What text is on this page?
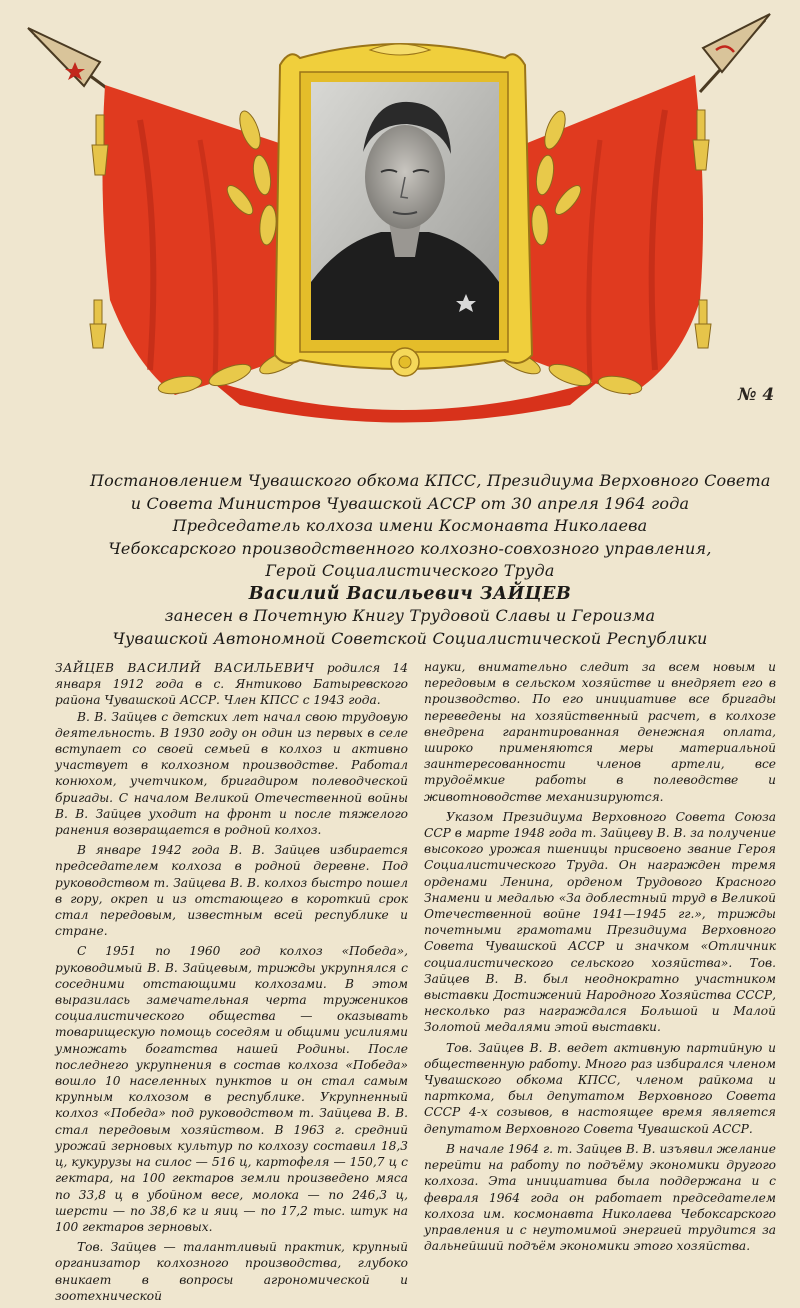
№ 4
Постановлением Чувашского обкома КПСС, Президиума Верховного Совета
и Совета Министров Чувашской АССР от 30 апреля 1964 года
Председатель колхоза имени Космонавта Николаева
Чебоксарского производственного колхозно-совхозного управления,
Герой Социалистического Труда
Василий Васильевич ЗАЙЦЕВ
занесен в Почетную Книгу Трудовой Славы и Героизма
Чувашской Автономной Советской Социалистической Республики

ЗАЙЦЕВ ВАСИЛИЙ ВАСИЛЬЕВИЧ родился 14 января 1912 года в с. Янтиково Батыревского района Чувашской АССР. Член КПСС с 1943 года.

В. В. Зайцев с детских лет начал свою трудовую деятельность. В 1930 году он один из первых в селе вступает со своей семьей в колхоз и активно участвует в колхозном производстве. Работал конюхом, учетчиком, бригадиром полеводческой бригады. С началом Великой Отечественной войны В. В. Зайцев уходит на фронт и после тяжелого ранения возвращается в родной колхоз.

В январе 1942 года В. В. Зайцев избирается председателем колхоза в родной деревне. Под руководством т. Зайцева В. В. колхоз быстро пошел в гору, окреп и из отстающего в короткий срок стал передовым, известным всей республике и стране.

С 1951 по 1960 год колхоз «Победа», руководимый В. В. Зайцевым, трижды укрупнялся с соседними отстающими колхозами. В этом выразилась замечательная черта тружеников социалистического общества — оказывать товарищескую помощь соседям и общими усилиями умножать богатства нашей Родины. После последнего укрупнения в состав колхоза «Победа» вошло 10 населенных пунктов и он стал самым крупным колхозом в республике. Укрупненный колхоз «Победа» под руководством т. Зайцева В. В. стал передовым хозяйством. В 1963 г. средний урожай зерновых культур по колхозу составил 18,3 ц, кукурузы на силос — 516 ц, картофеля — 150,7 ц с гектара, на 100 гектаров земли произведено мяса по 33,8 ц в убойном весе, молока — по 246,3 ц, шерсти — по 38,6 кг и яиц — по 17,2 тыс. штук на 100 гектаров зерновых.

Тов. Зайцев — талантливый практик, крупный организатор колхозного производства, глубоко вникает в вопросы агрономической и зоотехнической

науки, внимательно следит за всем новым и передовым в сельском хозяйстве и внедряет его в производство. По его инициативе все бригады переведены на хозяйственный расчет, в колхозе внедрена гарантированная денежная оплата, широко применяются меры материальной заинтересованности членов артели, все трудоёмкие работы в полеводстве и животноводстве механизируются.

Указом Президиума Верховного Совета Союза ССР в марте 1948 года т. Зайцеву В. В. за получение высокого урожая пшеницы присвоено звание Героя Социалистического Труда. Он награжден тремя орденами Ленина, орденом Трудового Красного Знамени и медалью «За доблестный труд в Великой Отечественной войне 1941—1945 гг.», трижды почетными грамотами Президиума Верховного Совета Чувашской АССР и значком «Отличник социалистического сельского хозяйства». Тов. Зайцев В. В. был неоднократно участником выставки Достижений Народного Хозяйства СССР, несколько раз награждался Большой и Малой Золотой медалями этой выставки.

Тов. Зайцев В. В. ведет активную партийную и общественную работу. Много раз избирался членом Чувашского обкома КПСС, членом райкома и парткома, был депутатом Верховного Совета СССР 4-х созывов, в настоящее время является депутатом Верховного Совета Чувашской АССР.

В начале 1964 г. т. Зайцев В. В. изъявил желание перейти на работу по подъёму экономики другого колхоза. Эта инициатива была поддержана и с февраля 1964 года он работает председателем колхоза им. космонавта Николаева Чебоксарского управления и с неутомимой энергией трудится за дальнейший подъём экономики этого хозяйства.
